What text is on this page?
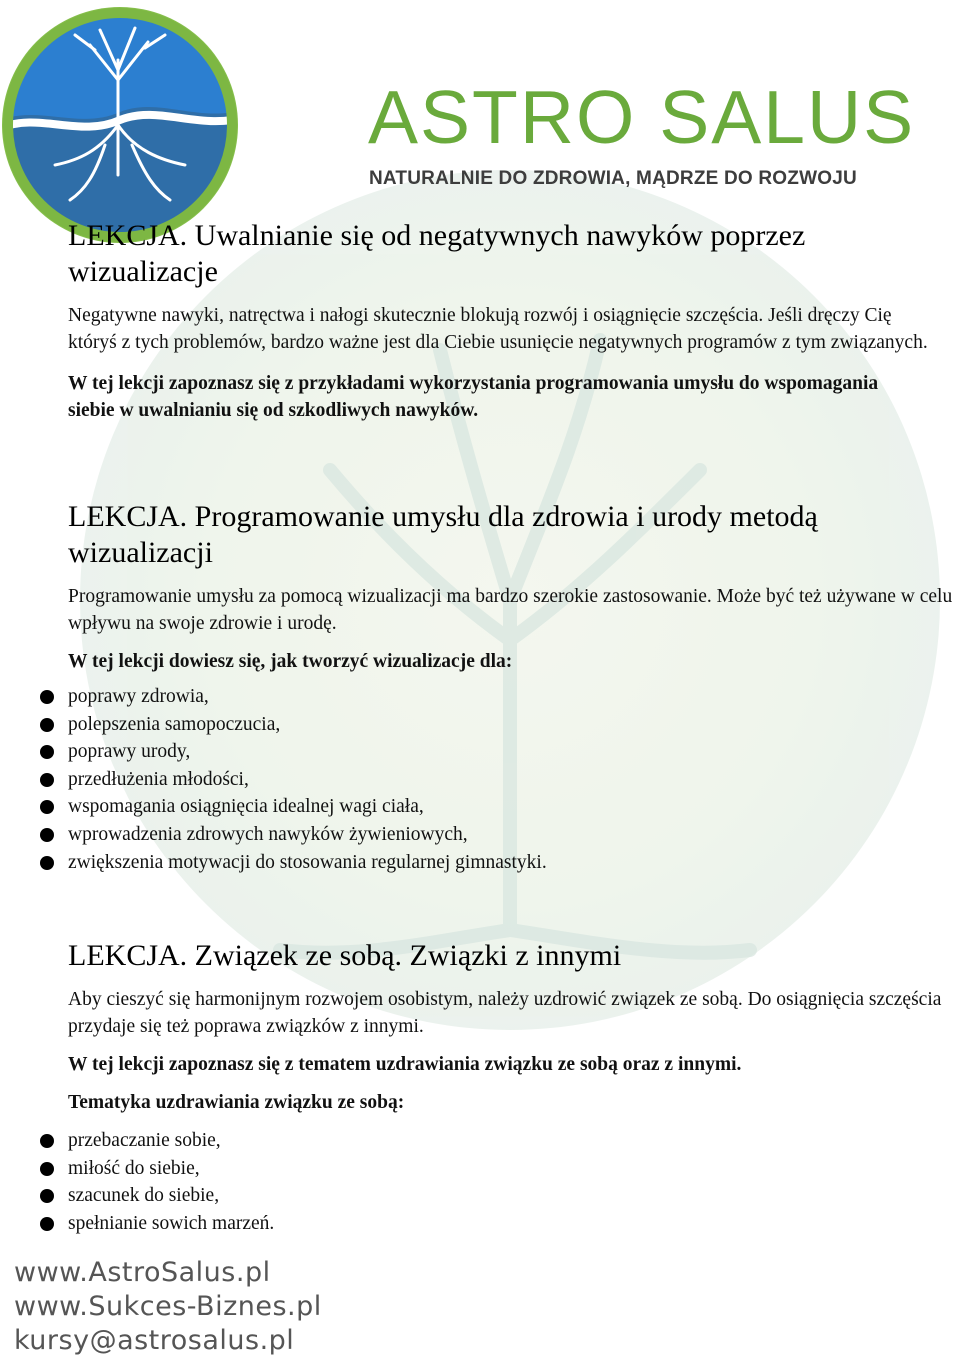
ASTRO SALUS
NATURALNIE DO ZDROWIA, MĄDRZE DO ROZWOJU
LEKCJA. Uwalnianie się od negatywnych nawyków poprzez wizualizacje

Negatywne nawyki, natręctwa i nałogi skutecznie blokują rozwój i osiągnięcie szczęścia. Jeśli dręczy Cię któryś z tych problemów, bardzo ważne jest dla Ciebie usunięcie negatywnych programów z tym związanych.

W tej lekcji zapoznasz się z przykładami wykorzystania programowania umysłu do wspomagania siebie w uwalnianiu się od szkodliwych nawyków.

LEKCJA. Programowanie umysłu dla zdrowia i urody metodą wizualizacji

Programowanie umysłu za pomocą wizualizacji ma bardzo szerokie zastosowanie. Może być też używane w celu wpływu na swoje zdrowie i urodę.

W tej lekcji dowiesz się, jak tworzyć wizualizacje dla:

poprawy zdrowia,
polepszenia samopoczucia,
poprawy urody,
przedłużenia młodości,
wspomagania osiągnięcia idealnej wagi ciała,
wprowadzenia zdrowych nawyków żywieniowych,
zwiększenia motywacji do stosowania regularnej gimnastyki.
LEKCJA. Związek ze sobą. Związki z innymi

Aby cieszyć się harmonijnym rozwojem osobistym, należy uzdrowić związek ze sobą. Do osiągnięcia szczęścia przydaje się też poprawa związków z innymi.

W tej lekcji zapoznasz się z tematem uzdrawiania związku ze sobą oraz z innymi.

Tematyka uzdrawiania związku ze sobą:

przebaczanie sobie,
miłość do siebie,
szacunek do siebie,
spełnianie sowich marzeń.
www.AstroSalus.pl
www.Sukces-Biznes.pl
kursy@astrosalus.pl
